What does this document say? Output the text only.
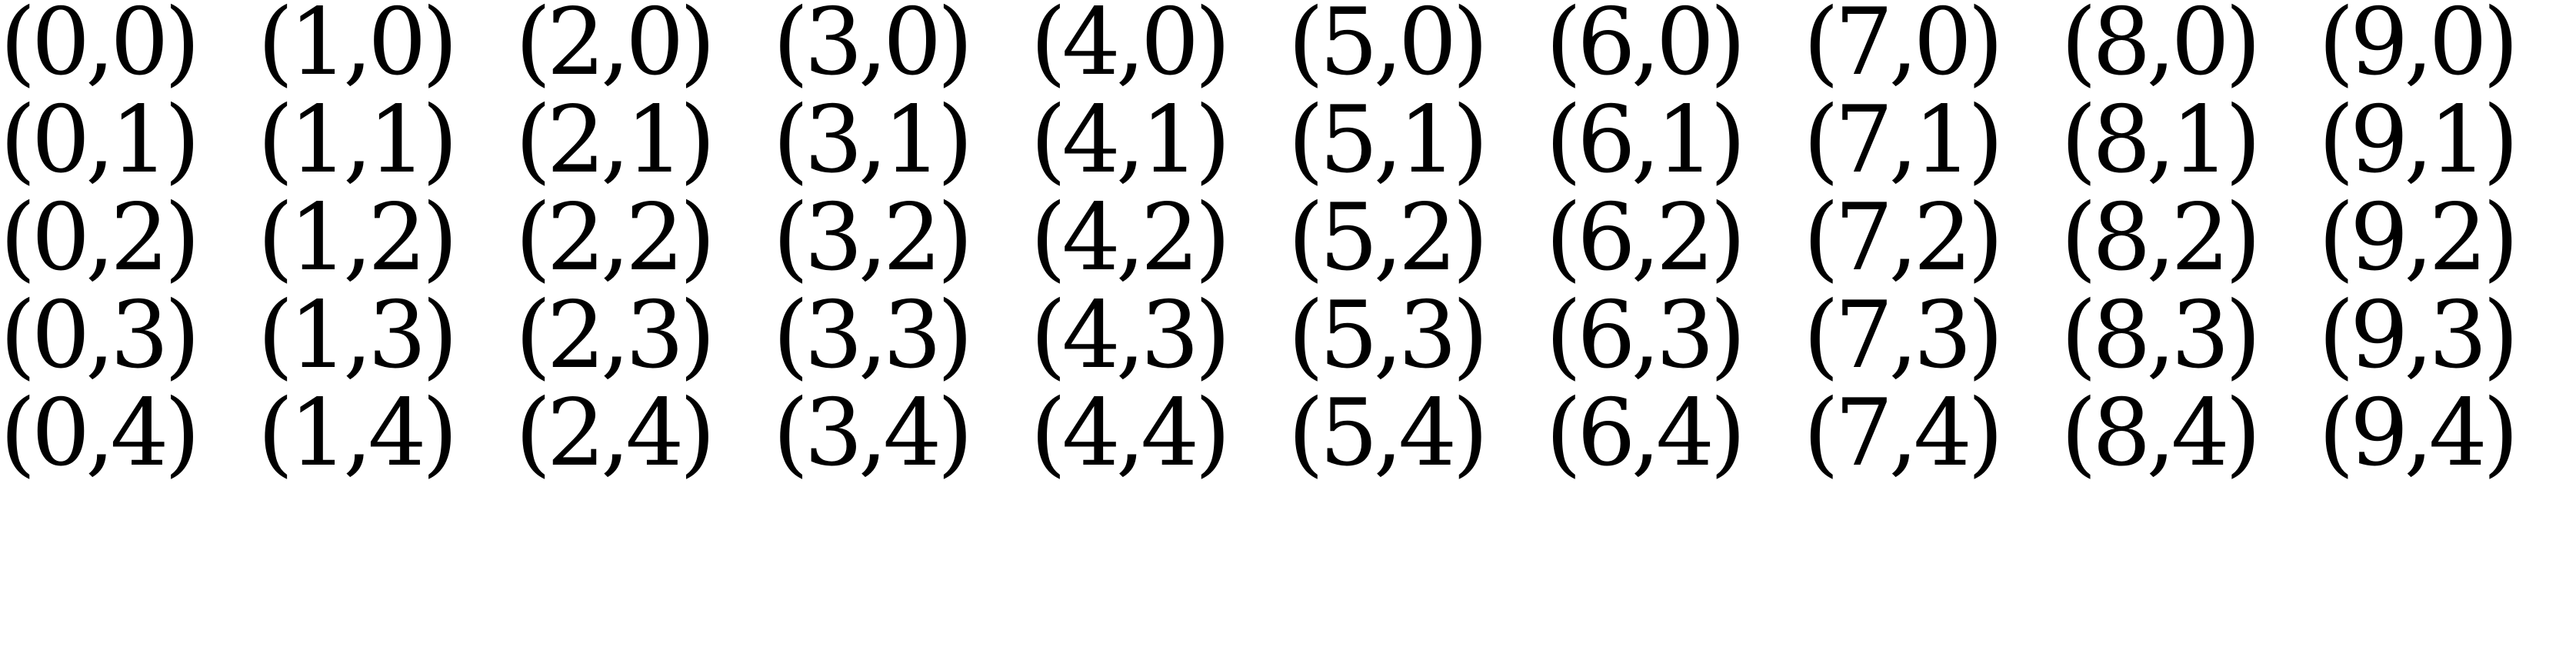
(0,0) (1,0) (2,0) (3,0) (4,0) (5,0) (6,0) (7,0) (8,0) (9,0)
(0,1) (1,1) (2,1) (3,1) (4,1) (5,1) (6,1) (7,1) (8,1) (9,1)
(0,2) (1,2) (2,2) (3,2) (4,2) (5,2) (6,2) (7,2) (8,2) (9,2)
(0,3) (1,3) (2,3) (3,3) (4,3) (5,3) (6,3) (7,3) (8,3) (9,3)
(0,4) (1,4) (2,4) (3,4) (4,4) (5,4) (6,4) (7,4) (8,4) (9,4)
